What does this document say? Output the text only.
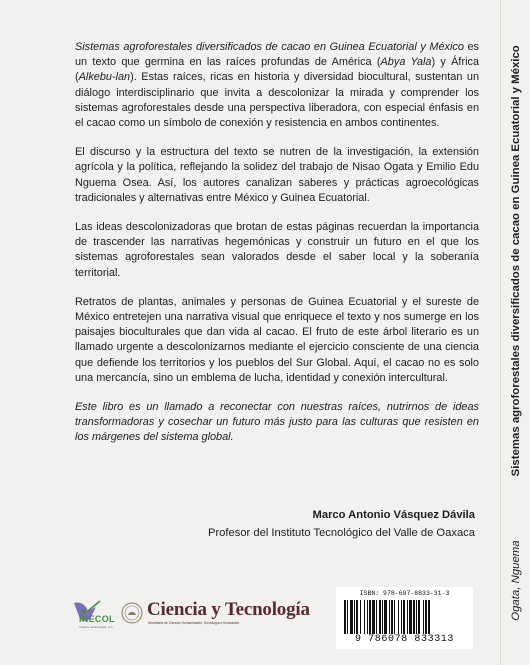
Sistemas agroforestales diversificados de cacao en Guinea Ecuatorial y México es un texto que germina en las raíces profundas de América (Abya Yala) y África (Alkebu-lan). Estas raíces, ricas en historia y diversidad biocultural, sustentan un diálogo interdisciplinario que invita a descolonizar la mirada y comprender los sistemas agroforestales desde una perspectiva liberadora, con especial énfasis en el cacao como un símbolo de conexión y resistencia en ambos continentes.

El discurso y la estructura del texto se nutren de la investigación, la extensión agrícola y la política, reflejando la solidez del trabajo de Nisao Ogata y Emilio Edu Nguema Osea. Así, los autores canalizan saberes y prácticas agroecológicas tradicionales y alternativas entre México y Guinea Ecuatorial.

Las ideas descolonizadoras que brotan de estas páginas recuerdan la importancia de trascender las narrativas hegemónicas y construir un futuro en el que los sistemas agroforestales sean valorados desde el saber local y la soberanía territorial.

Retratos de plantas, animales y personas de Guinea Ecuatorial y el sureste de México entretejen una narrativa visual que enriquece el texto y nos sumerge en los paisajes bioculturales que dan vida al cacao. El fruto de este árbol literario es un llamado urgente a descolonizarnos mediante el ejercicio consciente de una ciencia que defiende los territorios y los pueblos del Sur Global. Aquí, el cacao no es solo una mercancía, sino un emblema de lucha, identidad y conexión intercultural.

Este libro es un llamado a reconectar con nuestras raíces, nutrirnos de ideas transformadoras y cosechar un futuro más justo para las culturas que resisten en los márgenes del sistema global.

Marco Antonio Vásquez Dávila
Profesor del Instituto Tecnológico del Valle de Oaxaca
Ogata, NguemaSistemas agroforestales diversificados de cacao en Guinea Ecuatorial y México
INECOL
Instituto de Ecología, A.C.
Ciencia y Tecnología
Secretaría de Ciencia, Humanidades, Tecnología e Innovación
ISBN: 978-607-8833-31-3
9 786078 833313
